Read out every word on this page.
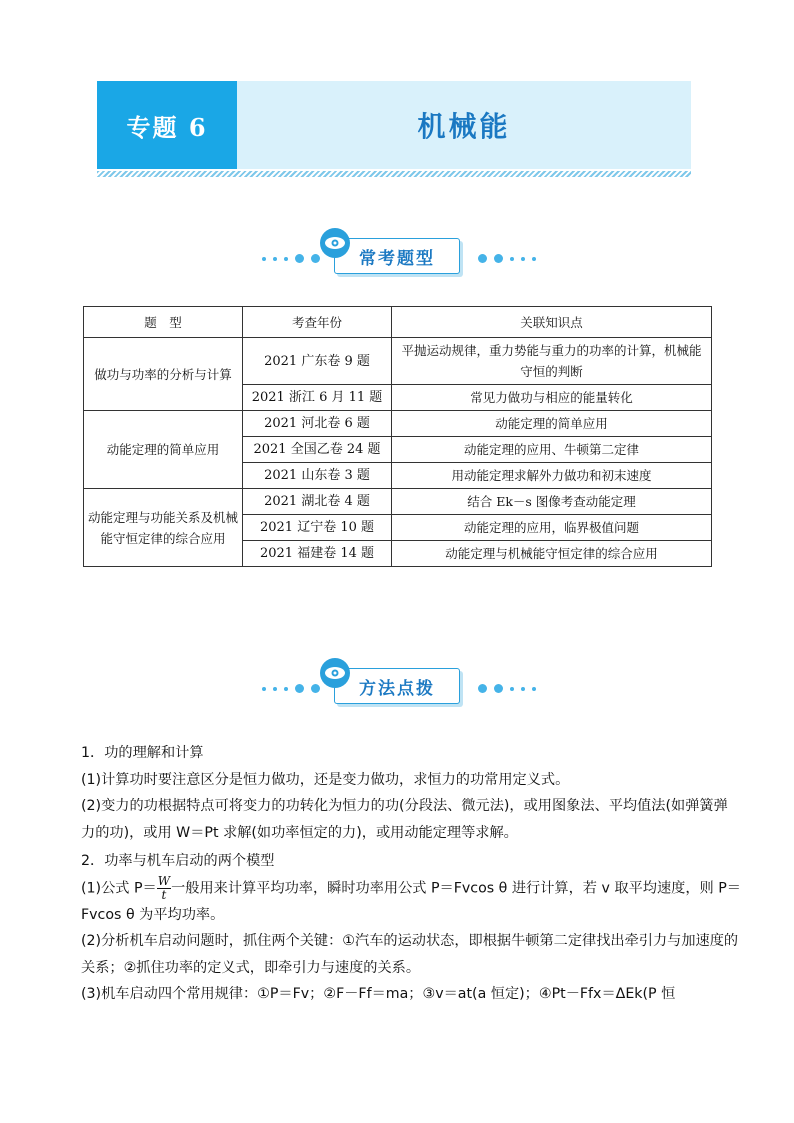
专题 6	机械能
常考题型
题　型	考查年份	关联知识点
做功与功率的分析与计算	2021 广东卷 9 题	平抛运动规律，重力势能与重力的功率的计算，机械能守恒的判断
	2021 浙江 6 月 11 题	常见力做功与相应的能量转化
动能定理的简单应用	2021 河北卷 6 题	动能定理的简单应用
	2021 全国乙卷 24 题	动能定理的应用、牛顿第二定律
	2021 山东卷 3 题	用动能定理求解外力做功和初末速度
动能定理与功能关系及机械能守恒定律的综合应用	2021 湖北卷 4 题	结合 Ek－s 图像考查动能定理
	2021 辽宁卷 10 题	动能定理的应用，临界极值问题
	2021 福建卷 14 题	动能定理与机械能守恒定律的综合应用
方法点拨

1．功的理解和计算

(1)计算功时要注意区分是恒力做功，还是变力做功，求恒力的功常用定义式。

(2)变力的功根据特点可将变力的功转化为恒力的功(分段法、微元法)，或用图象法、平均值法(如弹簧弹力的功)，或用 W＝Pt 求解(如功率恒定的力)，或用动能定理等求解。

2．功率与机车启动的两个模型

(1)公式 $P= \frac{W}{t}$ 一般用来计算平均功率，瞬时功率用公式 P＝Fvcos θ 进行计算，若 v 取平均速度，则 P＝Fvcos θ 为平均功率。

(2)分析机车启动问题时，抓住两个关键：①汽车的运动状态，即根据牛顿第二定律找出牵引力与加速度的关系；②抓住功率的定义式，即牵引力与速度的关系。

(3)机车启动四个常用规律：①P＝Fv；②F－Ff＝ma；③v＝at(a 恒定)；④Pt－Ffx＝ΔEk(P 恒
